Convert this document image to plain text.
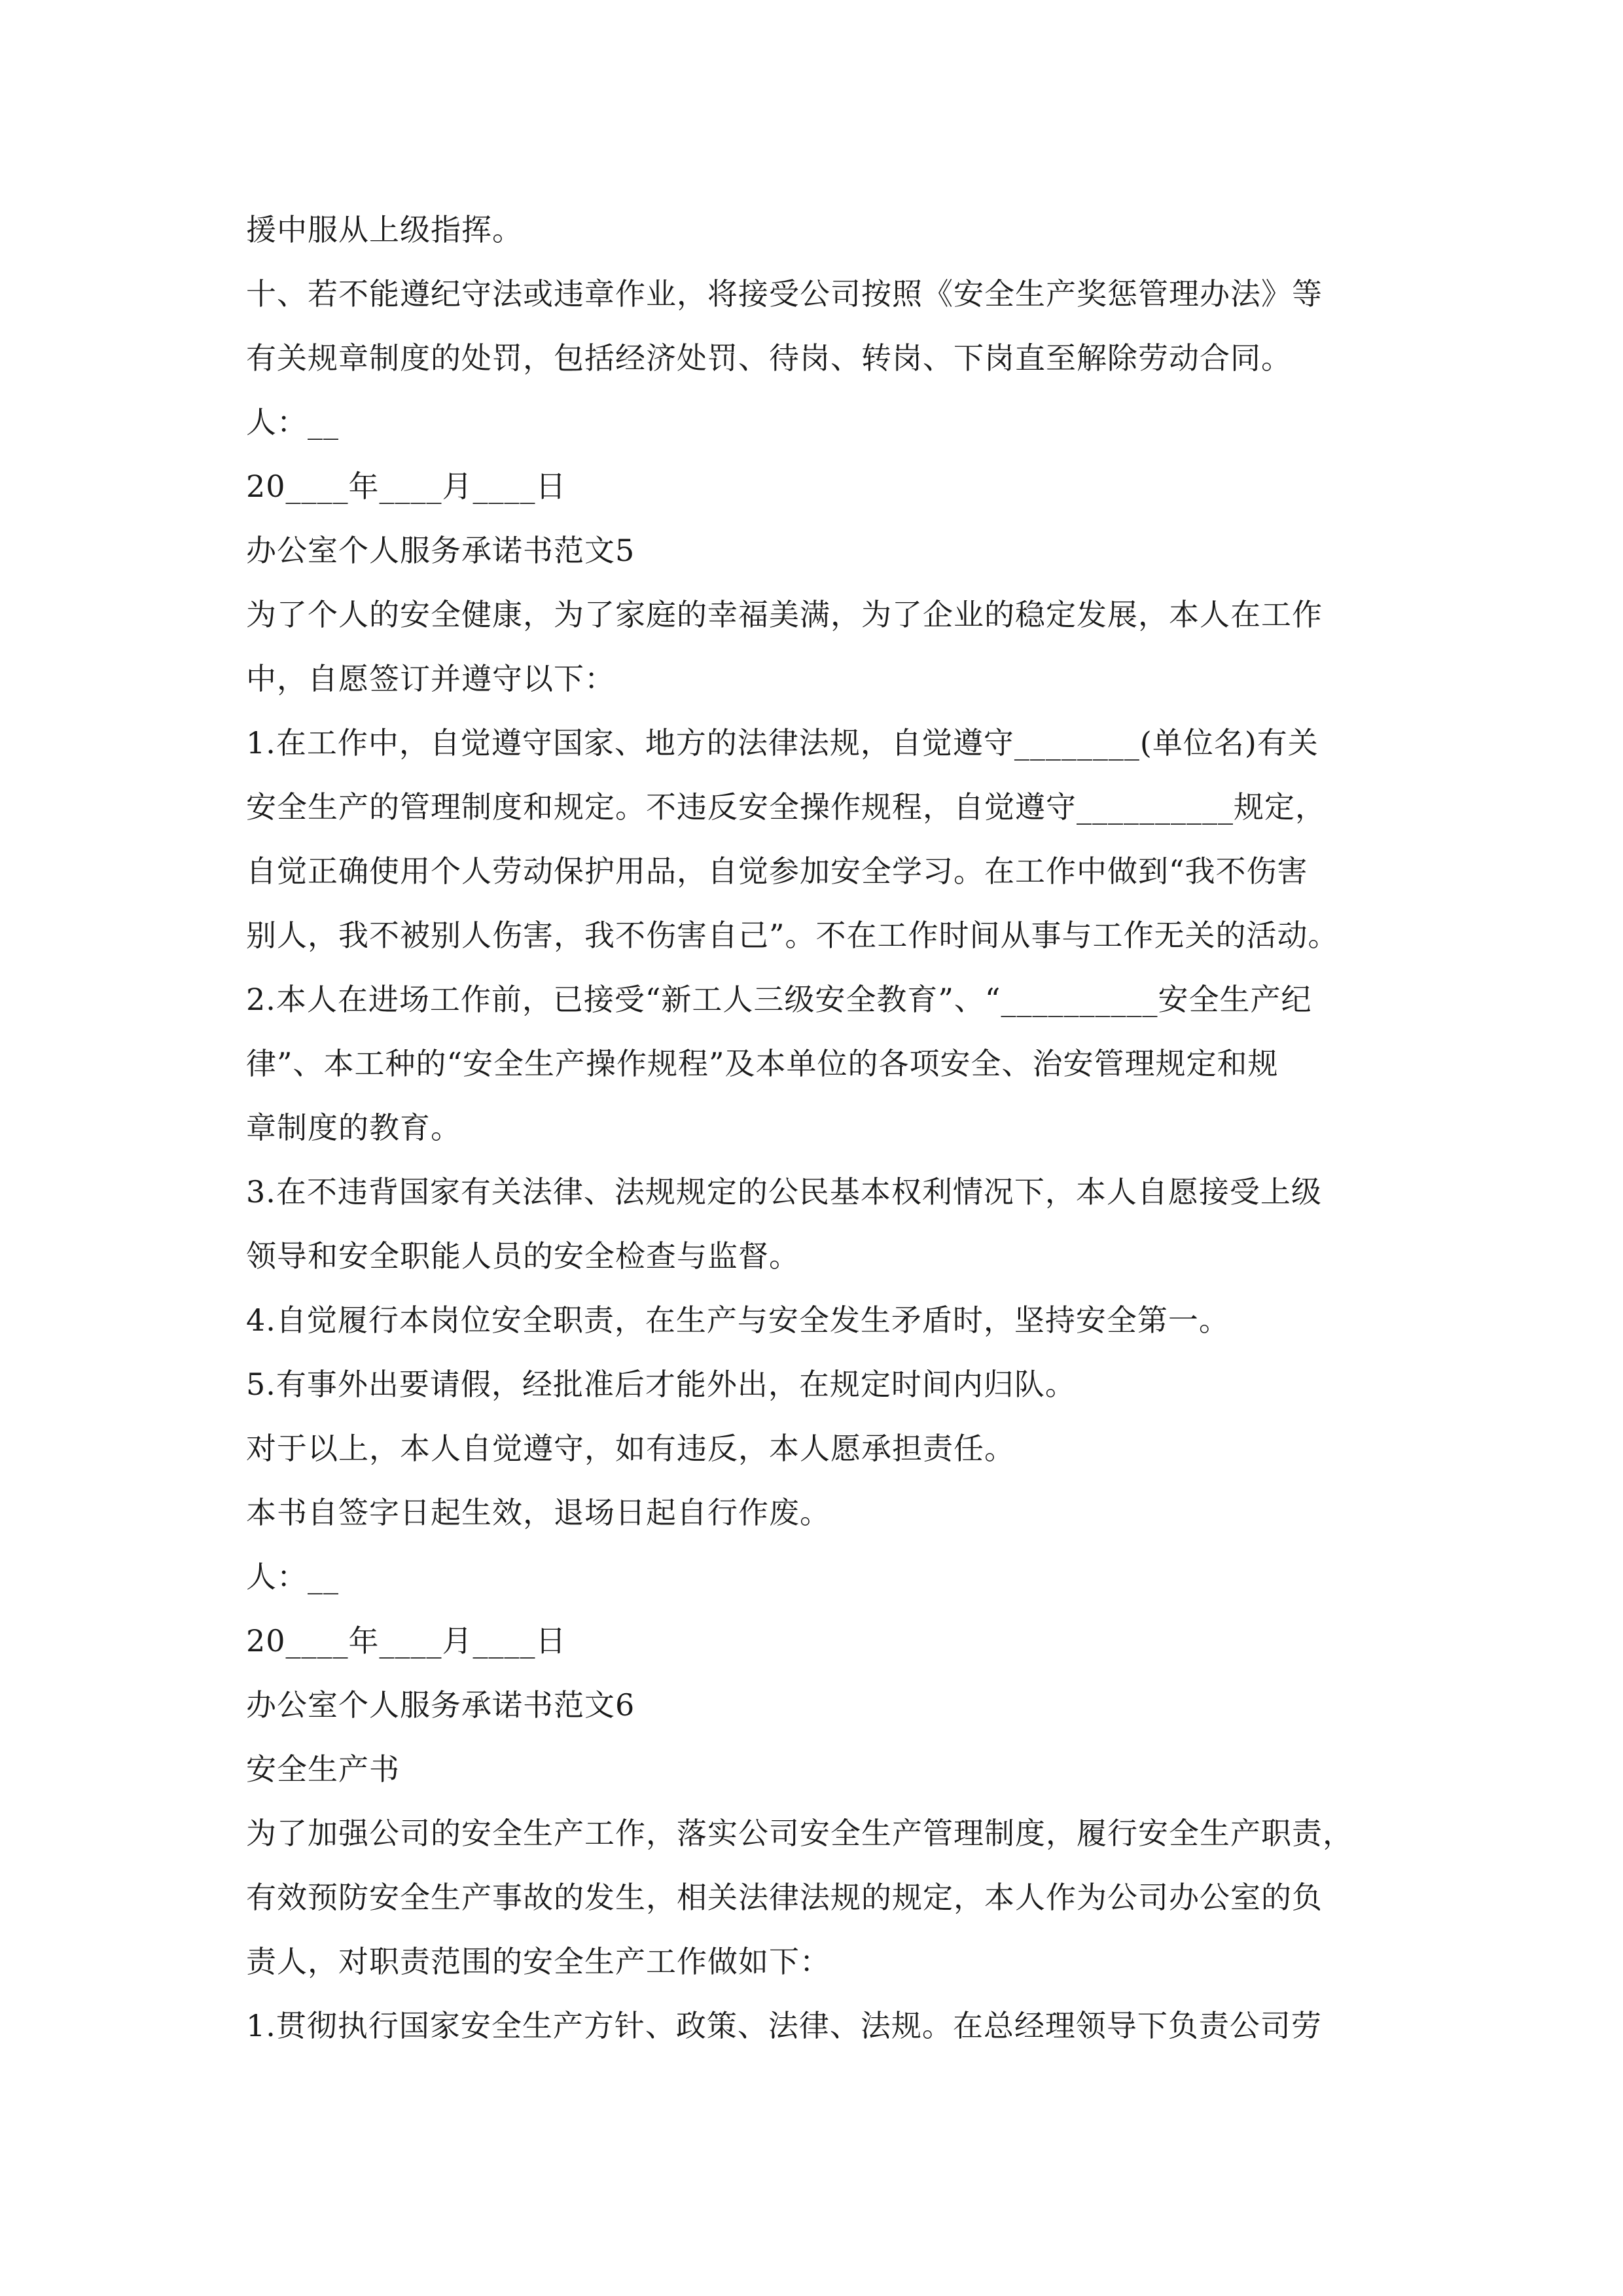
援中服从上级指挥。
十、若不能遵纪守法或违章作业，将接受公司按照《安全生产奖惩管理办法》等
有关规章制度的处罚，包括经济处罚、待岗、转岗、下岗直至解除劳动合同。
人：__
20____年____月____日
办公室个人服务承诺书范文5
为了个人的安全健康，为了家庭的幸福美满，为了企业的稳定发展，本人在工作
中，自愿签订并遵守以下：
1.在工作中，自觉遵守国家、地方的法律法规，自觉遵守________(单位名)有关
安全生产的管理制度和规定。不违反安全操作规程，自觉遵守__________规定，
自觉正确使用个人劳动保护用品，自觉参加安全学习。在工作中做到“我不伤害
别人，我不被别人伤害，我不伤害自己”。不在工作时间从事与工作无关的活动。
2.本人在进场工作前，已接受“新工人三级安全教育”、“__________安全生产纪
律”、本工种的“安全生产操作规程”及本单位的各项安全、治安管理规定和规
章制度的教育。
3.在不违背国家有关法律、法规规定的公民基本权利情况下，本人自愿接受上级
领导和安全职能人员的安全检查与监督。
4.自觉履行本岗位安全职责，在生产与安全发生矛盾时，坚持安全第一。
5.有事外出要请假，经批准后才能外出，在规定时间内归队。
对于以上，本人自觉遵守，如有违反，本人愿承担责任。
本书自签字日起生效，退场日起自行作废。
人：__
20____年____月____日
办公室个人服务承诺书范文6
安全生产书
为了加强公司的安全生产工作，落实公司安全生产管理制度，履行安全生产职责，
有效预防安全生产事故的发生，相关法律法规的规定，本人作为公司办公室的负
责人，对职责范围的安全生产工作做如下：
1.贯彻执行国家安全生产方针、政策、法律、法规。在总经理领导下负责公司劳
